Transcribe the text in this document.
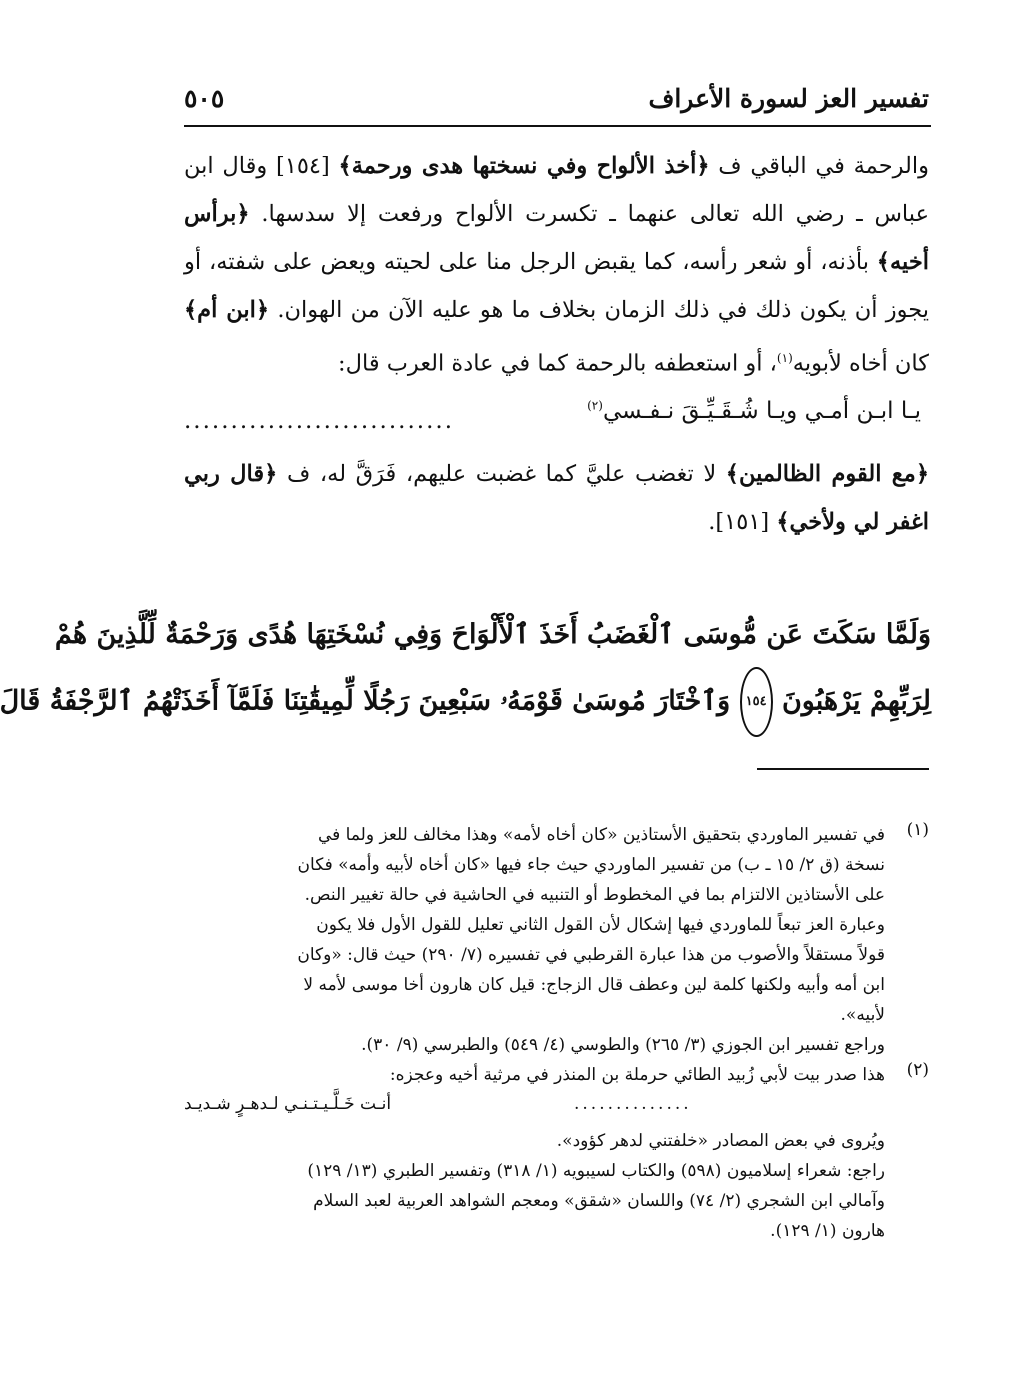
تفسير العز لسورة الأعراف
٥٠٥

والرحمة في الباقي ف ﴿أخذ الألواح وفي نسختها هدى ورحمة﴾ [١٥٤] وقال ابن عباس ـ رضي الله تعالى عنهما ـ تكسرت الألواح ورفعت إلا سدسها. ﴿برأس أخيه﴾ بأذنه، أو شعر رأسه، كما يقبض الرجل منا على لحيته ويعض على شفته، أو يجوز أن يكون ذلك في ذلك الزمان بخلاف ما هو عليه الآن من الهوان. ﴿ابن أم﴾ كان أخاه لأبويه$^{(١)}$، أو استعطفه بالرحمة كما في عادة العرب قال:

يـا ابـن أمـي ويـا شُـقَـيِّـقَ نـفـسي$^{(٢)}$
.............................

﴿مع القوم الظالمين﴾ لا تغضب عليَّ كما غضبت عليهم، فَرَقَّ له، ف ﴿قال ربي اغفر لي ولأخي﴾ [١٥١].

وَلَمَّا سَكَتَ عَن مُّوسَى ٱلْغَضَبُ أَخَذَ ٱلْأَلْوَاحَ وَفِي نُسْخَتِهَا هُدًى وَرَحْمَةٌ لِّلَّذِينَ هُمْ
لِرَبِّهِمْ يَرْهَبُونَ ١٥٤ وَٱخْتَارَ مُوسَىٰ قَوْمَهُۥ سَبْعِينَ رَجُلًا لِّمِيقَٰتِنَا فَلَمَّآ أَخَذَتْهُمُ ٱلرَّجْفَةُ قَالَ
(١)

في تفسير الماوردي بتحقيق الأستاذين «كان أخاه لأمه» وهذا مخالف للعز ولما في

نسخة (ق ٢/ ١٥ ـ ب) من تفسير الماوردي حيث جاء فيها «كان أخاه لأبيه وأمه» فكان

على الأستاذين الالتزام بما في المخطوط أو التنبيه في الحاشية في حالة تغيير النص.

وعبارة العز تبعاً للماوردي فيها إشكال لأن القول الثاني تعليل للقول الأول فلا يكون

قولاً مستقلاً والأصوب من هذا عبارة القرطبي في تفسيره (٧/ ٢٩٠) حيث قال: «وكان

ابن أمه وأبيه ولكنها كلمة لين وعطف قال الزجاج: قيل كان هارون أخا موسى لأمه لا

لأبيه».

وراجع تفسير ابن الجوزي (٣/ ٢٦٥) والطوسي (٤/ ٥٤٩) والطبرسي (٩/ ٣٠).

(٢)

هذا صدر بيت لأبي زُبيد الطائي حرملة بن المنذر في مرثية أخيه وعجزه:

..............
أنـت خَـلَّـيـتـنـي لـدهـرٍ شـديـد

ويُروى في بعض المصادر «خلفتني لدهر كؤود».

راجع: شعراء إسلاميون (٥٩٨) والكتاب لسيبويه (١/ ٣١٨) وتفسير الطبري (١٣/ ١٢٩)

وآمالي ابن الشجري (٢/ ٧٤) واللسان «شقق» ومعجم الشواهد العربية لعبد السلام

هارون (١/ ١٢٩).
